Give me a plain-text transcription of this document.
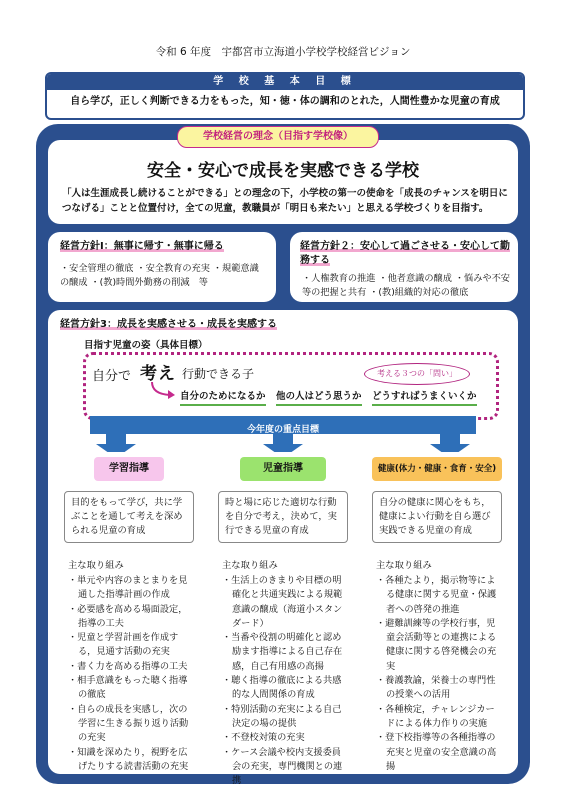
令和 6 年度　宇都宮市立海道小学校学校経営ビジョン
学 校 基 本 目 標
自ら学び，正しく判断できる力をもった，知・徳・体の調和のとれた，人間性豊かな児童の育成
学校経営の理念（目指す学校像）
安全・安心で成長を実感できる学校
「人は生涯成長し続けることができる」との理念の下，小学校の第一の使命を「成長のチャンスを明日につなげる」ことと位置付け，全ての児童，教職員が「明日も来たい」と思える学校づくりを目指す。
経営方針Ⅰ：無事に帰す・無事に帰る
・安全管理の徹底 ・安全教育の充実 ・規範意識の醸成 ・(教)時間外勤務の削減　等
経営方針２：安心して過ごさせる・安心して勤務する
・人権教育の推進 ・他者意識の醸成 ・悩みや不安等の把握と共有 ・(教)組織的対応の徹底
経営方針3：成長を実感させる・成長を実感する
目指す児童の姿（具体目標）
自分で 考え 行動できる子	考える３つの「問い」
自分のためになるか 他の人はどう思うか どうすればうまくいくか
今年度の重点目標
学習指導
目的をもって学び，共に学ぶことを通して考えを深められる児童の育成
主な取り組み
・単元や内容のまとまりを見通した指導計画の作成
・必要感を高める場面設定，指導の工夫
・児童と学習計画を作成する，見通す活動の充実
・書く力を高める指導の工夫
・相手意識をもった聴く指導の徹底
・自らの成長を実感し，次の学習に生きる振り返り活動の充実
・知識を深めたり，視野を広げたりする読書活動の充実
児童指導
時と場に応じた適切な行動を自分で考え，決めて，実行できる児童の育成
主な取り組み
・生活上のきまりや目標の明確化と共通実践による規範意識の醸成（海道小スタンダード）
・当番や役割の明確化と認め励ます指導による自己存在感，自己有用感の高揚
・聴く指導の徹底による共感的な人間関係の育成
・特別活動の充実による自己決定の場の提供
・不登校対策の充実
・ケース会議や校内支援委員会の充実，専門機関との連携
健康(体力・健康・食育・安全)
自分の健康に関心をもち，健康によい行動を自ら選び実践できる児童の育成
主な取り組み
・各種たより，掲示物等による健康に関する児童・保護者への啓発の推進
・避難訓練等の学校行事，児童会活動等との連携による健康に関する啓発機会の充実
・養護教諭，栄養士の専門性の授業への活用
・各種検定，チャレンジカードによる体力作りの実施
・登下校指導等の各種指導の充実と児童の安全意識の高揚
